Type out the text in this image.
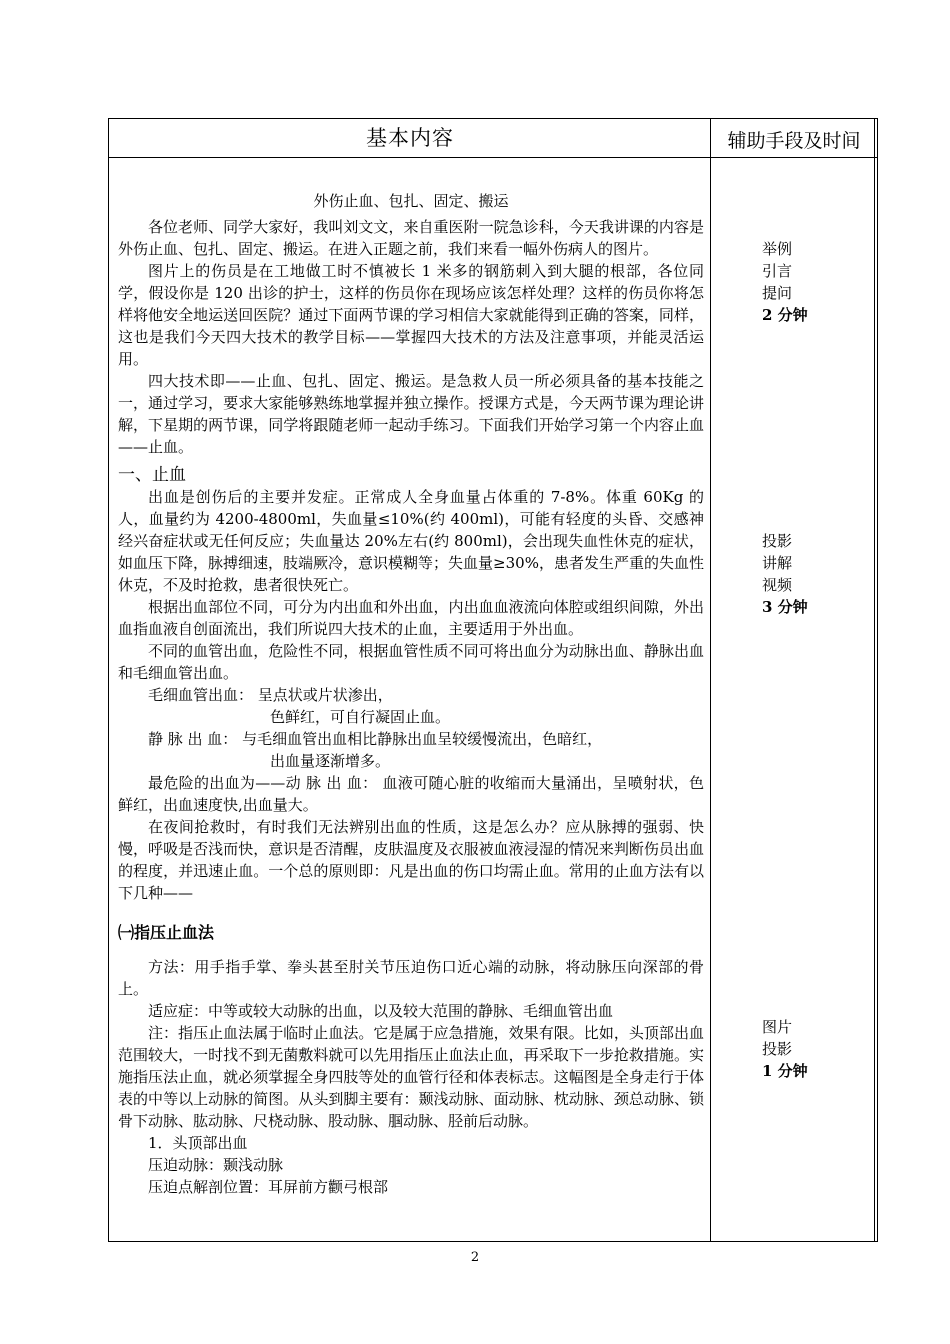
基本内容	辅助手段及时间

外伤止血、包扎、固定、搬运

各位老师、同学大家好，我叫刘文文，来自重医附一院急诊科，今天我讲课的内容是外伤止血、包扎、固定、搬运。在进入正题之前，我们来看一幅外伤病人的图片。

图片上的伤员是在工地做工时不慎被长 1 米多的钢筋刺入到大腿的根部，各位同学，假设你是 120 出诊的护士，这样的伤员你在现场应该怎样处理？这样的伤员你将怎样将他安全地运送回医院？通过下面两节课的学习相信大家就能得到正确的答案，同样，这也是我们今天四大技术的教学目标——掌握四大技术的方法及注意事项，并能灵活运用。

四大技术即——止血、包扎、固定、搬运。是急救人员一所必须具备的基本技能之一，通过学习，要求大家能够熟练地掌握并独立操作。授课方式是，今天两节课为理论讲解，下星期的两节课，同学将跟随老师一起动手练习。下面我们开始学习第一个内容止血——止血。

一、止血

出血是创伤后的主要并发症。正常成人全身血量占体重的 7-8%。体重 60Kg 的人，血量约为 4200-4800ml，失血量≤10%(约 400ml)，可能有轻度的头昏、交感神经兴奋症状或无任何反应；失血量达 20%左右(约 800ml)，会出现失血性休克的症状，如血压下降，脉搏细速，肢端厥冷，意识模糊等；失血量≥30%，患者发生严重的失血性休克，不及时抢救，患者很快死亡。

根据出血部位不同，可分为内出血和外出血，内出血血液流向体腔或组织间隙，外出血指血液自创面流出，我们所说四大技术的止血，主要适用于外出血。

不同的血管出血，危险性不同，根据血管性质不同可将出血分为动脉出血、静脉出血和毛细血管出血。

毛细血管出血： 呈点状或片状渗出，

色鲜红，可自行凝固止血。

静 脉 出 血： 与毛细血管出血相比静脉出血呈较缓慢流出，色暗红，

出血量逐渐增多。

最危险的出血为——动 脉 出 血： 血液可随心脏的收缩而大量涌出，呈喷射状，色鲜红，出血速度快,出血量大。

在夜间抢救时，有时我们无法辨别出血的性质，这是怎么办？应从脉搏的强弱、快慢，呼吸是否浅而快，意识是否清醒，皮肤温度及衣服被血液浸湿的情况来判断伤员出血的程度，并迅速止血。一个总的原则即：凡是出血的伤口均需止血。常用的止血方法有以下几种——

㈠指压止血法

方法：用手指手掌、拳头甚至肘关节压迫伤口近心端的动脉，将动脉压向深部的骨上。

适应症：中等或较大动脉的出血，以及较大范围的静脉、毛细血管出血

注：指压止血法属于临时止血法。它是属于应急措施，效果有限。比如，头顶部出血范围较大，一时找不到无菌敷料就可以先用指压止血法止血，再采取下一步抢救措施。实施指压法止血，就必须掌握全身四肢等处的血管行径和体表标志。这幅图是全身走行于体表的中等以上动脉的简图。从头到脚主要有：颞浅动脉、面动脉、枕动脉、颈总动脉、锁骨下动脉、肱动脉、尺桡动脉、股动脉、腘动脉、胫前后动脉。

1．头顶部出血

压迫动脉：颞浅动脉

压迫点解剖位置：耳屏前方颧弓根部

举例
引言
提问
2 分钟
投影
讲解
视频
3 分钟
图片
投影
1 分钟
2
